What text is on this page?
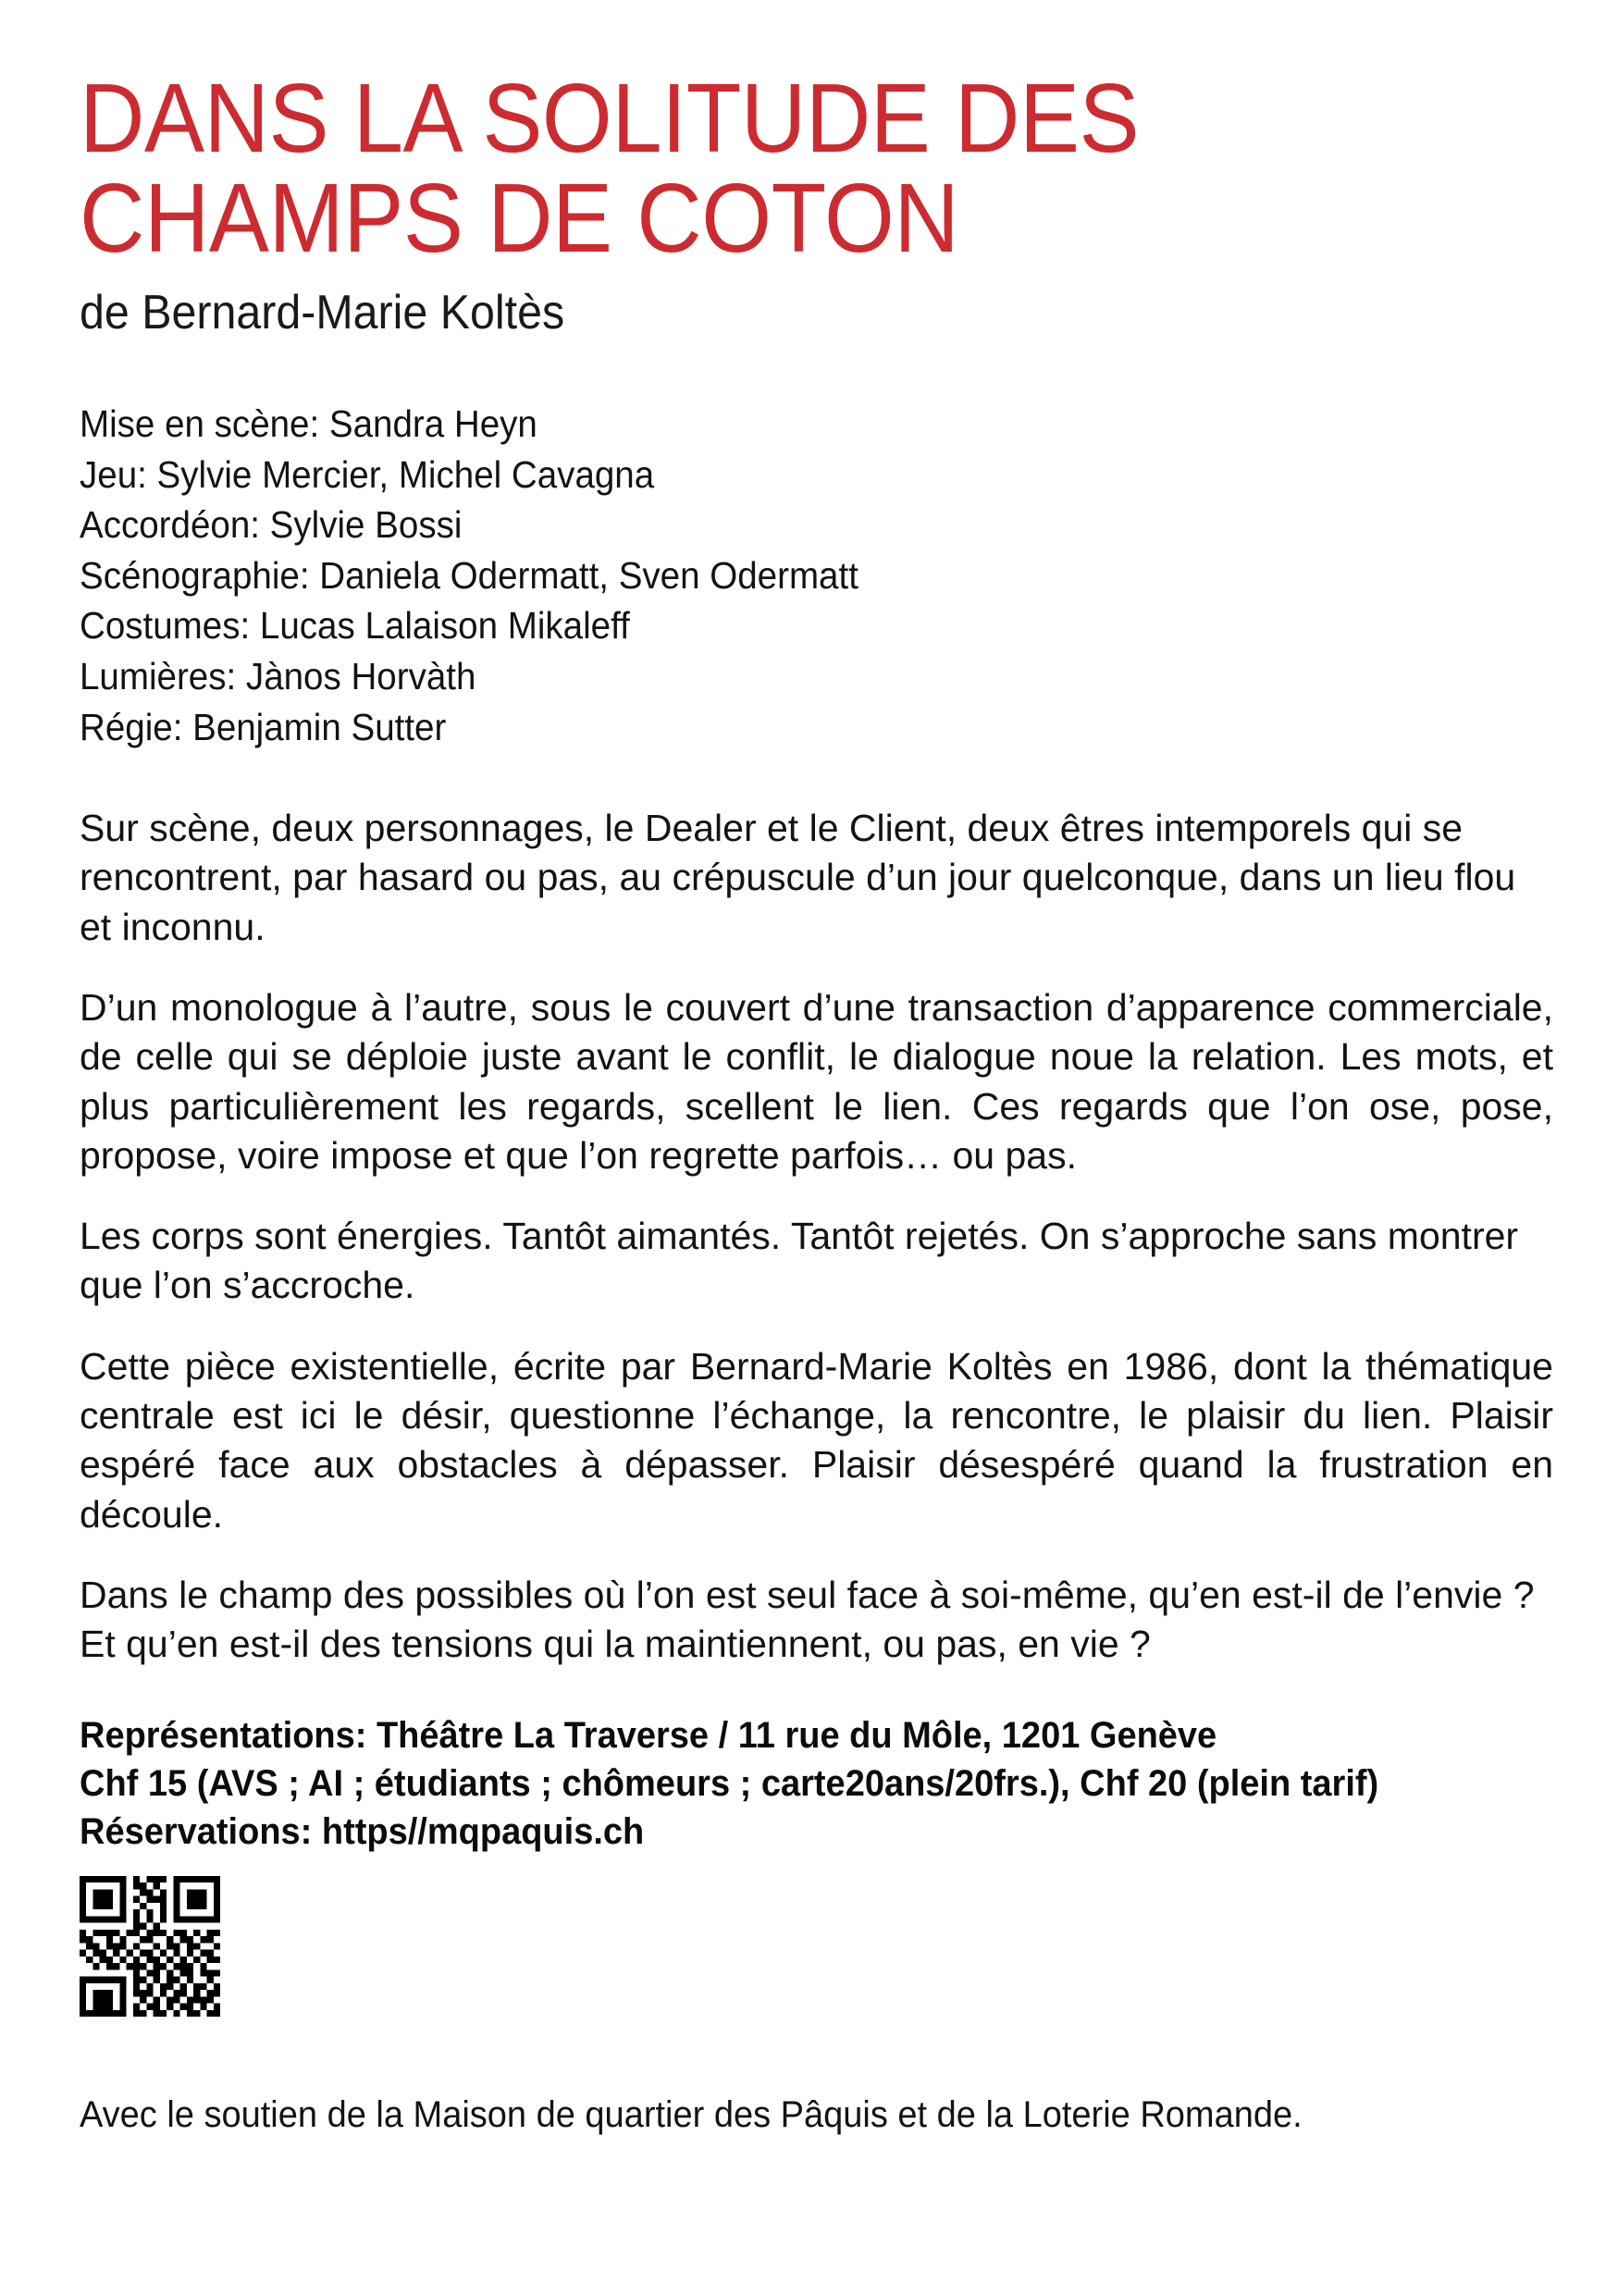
DANS LA SOLITUDE DES
CHAMPS DE COTON
de Bernard-Marie Koltès
Mise en scène: Sandra Heyn
Jeu: Sylvie Mercier, Michel Cavagna
Accordéon: Sylvie Bossi
Scénographie: Daniela Odermatt, Sven Odermatt
Costumes: Lucas Lalaison Mikaleff
Lumières: Jànos Horvàth
Régie: Benjamin Sutter

Sur scène, deux personnages, le Dealer et le Client, deux êtres intemporels qui se rencontrent, par hasard ou pas, au crépuscule d’un jour quelconque, dans un lieu flou et inconnu.

D’un monologue à l’autre, sous le couvert d’une transaction d’apparence commerciale, de celle qui se déploie juste avant le conflit, le dialogue noue la relation. Les mots, et plus particulièrement les regards, scellent le lien. Ces regards que l’on ose, pose, propose, voire impose et que l’on regrette parfois… ou pas.

Les corps sont énergies. Tantôt aimantés. Tantôt rejetés. On s’approche sans montrer que l’on s’accroche.

Cette pièce existentielle, écrite par Bernard-Marie Koltès en 1986, dont la thématique centrale est ici le désir, questionne l’échange, la rencontre, le plaisir du lien. Plaisir espéré face aux obstacles à dépasser. Plaisir désespéré quand la frustration en découle.

Dans le champ des possibles où l’on est seul face à soi-même, qu’en est-il de l’envie ? Et qu’en est-il des tensions qui la maintiennent, ou pas, en vie ?

Représentations: Théâtre La Traverse / 11 rue du Môle, 1201 Genève
Chf 15 (AVS ; AI ; étudiants ; chômeurs ; carte20ans/20frs.), Chf 20 (plein tarif)
Réservations: https//mqpaquis.ch
Avec le soutien de la Maison de quartier des Pâquis et de la Loterie Romande.
